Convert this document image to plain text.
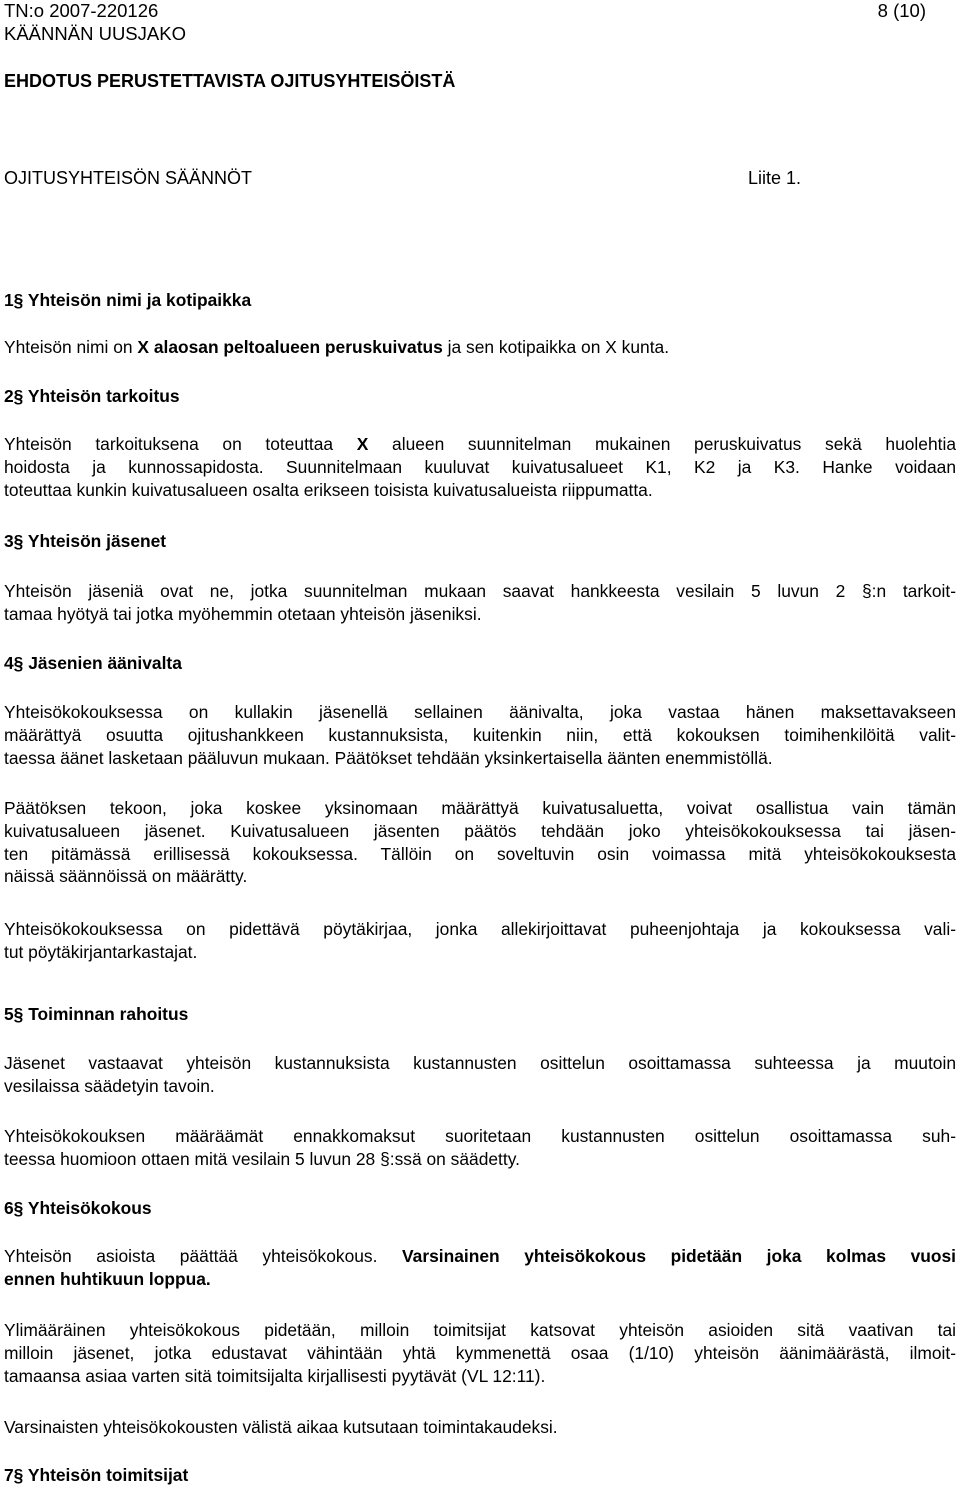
TN:o 2007-220126	8 (10)
KÄÄNNÄN UUSJAKO
EHDOTUS PERUSTETTAVISTA OJITUSYHTEISÖISTÄ
OJITUSYHTEISÖN SÄÄNNÖT	Liite 1.
1§ Yhteisön nimi ja kotipaikka
Yhteisön nimi on X alaosan peltoalueen peruskuivatus ja sen kotipaikka on X kunta.
2§ Yhteisön tarkoitus
Yhteisön tarkoituksena on toteuttaa X alueen suunnitelman mukainen peruskuivatus sekä huolehtia
hoidosta ja kunnossapidosta. Suunnitelmaan kuuluvat kuivatusalueet K1, K2 ja K3. Hanke voidaan
toteuttaa kunkin kuivatusalueen osalta erikseen toisista kuivatusalueista riippumatta.
3§ Yhteisön jäsenet
Yhteisön jäseniä ovat ne, jotka suunnitelman mukaan saavat hankkeesta vesilain 5 luvun 2 §:n tarkoit-
tamaa hyötyä tai jotka myöhemmin otetaan yhteisön jäseniksi.
4§ Jäsenien äänivalta
Yhteisökokouksessa on kullakin jäsenellä sellainen äänivalta, joka vastaa hänen maksettavakseen
määrättyä osuutta ojitushankkeen kustannuksista, kuitenkin niin, että kokouksen toimihenkilöitä valit-
taessa äänet lasketaan pääluvun mukaan. Päätökset tehdään yksinkertaisella äänten enemmistöllä.
Päätöksen tekoon, joka koskee yksinomaan määrättyä kuivatusaluetta, voivat osallistua vain tämän
kuivatusalueen jäsenet. Kuivatusalueen jäsenten päätös tehdään joko yhteisökokouksessa tai jäsen-
ten pitämässä erillisessä kokouksessa. Tällöin on soveltuvin osin voimassa mitä yhteisökokouksesta
näissä säännöissä on määrätty.
Yhteisökokouksessa on pidettävä pöytäkirjaa, jonka allekirjoittavat puheenjohtaja ja kokouksessa vali-
tut pöytäkirjantarkastajat.
5§ Toiminnan rahoitus
Jäsenet vastaavat yhteisön kustannuksista kustannusten osittelun osoittamassa suhteessa ja muutoin
vesilaissa säädetyin tavoin.
Yhteisökokouksen määräämät ennakkomaksut suoritetaan kustannusten osittelun osoittamassa suh-
teessa huomioon ottaen mitä vesilain 5 luvun 28 §:ssä on säädetty.
6§ Yhteisökokous
Yhteisön asioista päättää yhteisökokous. Varsinainen yhteisökokous pidetään joka kolmas vuosi
ennen huhtikuun loppua.
Ylimääräinen yhteisökokous pidetään, milloin toimitsijat katsovat yhteisön asioiden sitä vaativan tai
milloin jäsenet, jotka edustavat vähintään yhtä kymmenettä osaa (1/10) yhteisön äänimäärästä, ilmoit-
tamaansa asiaa varten sitä toimitsijalta kirjallisesti pyytävät (VL 12:11).
Varsinaisten yhteisökokousten välistä aikaa kutsutaan toimintakaudeksi.
7§ Yhteisön toimitsijat
